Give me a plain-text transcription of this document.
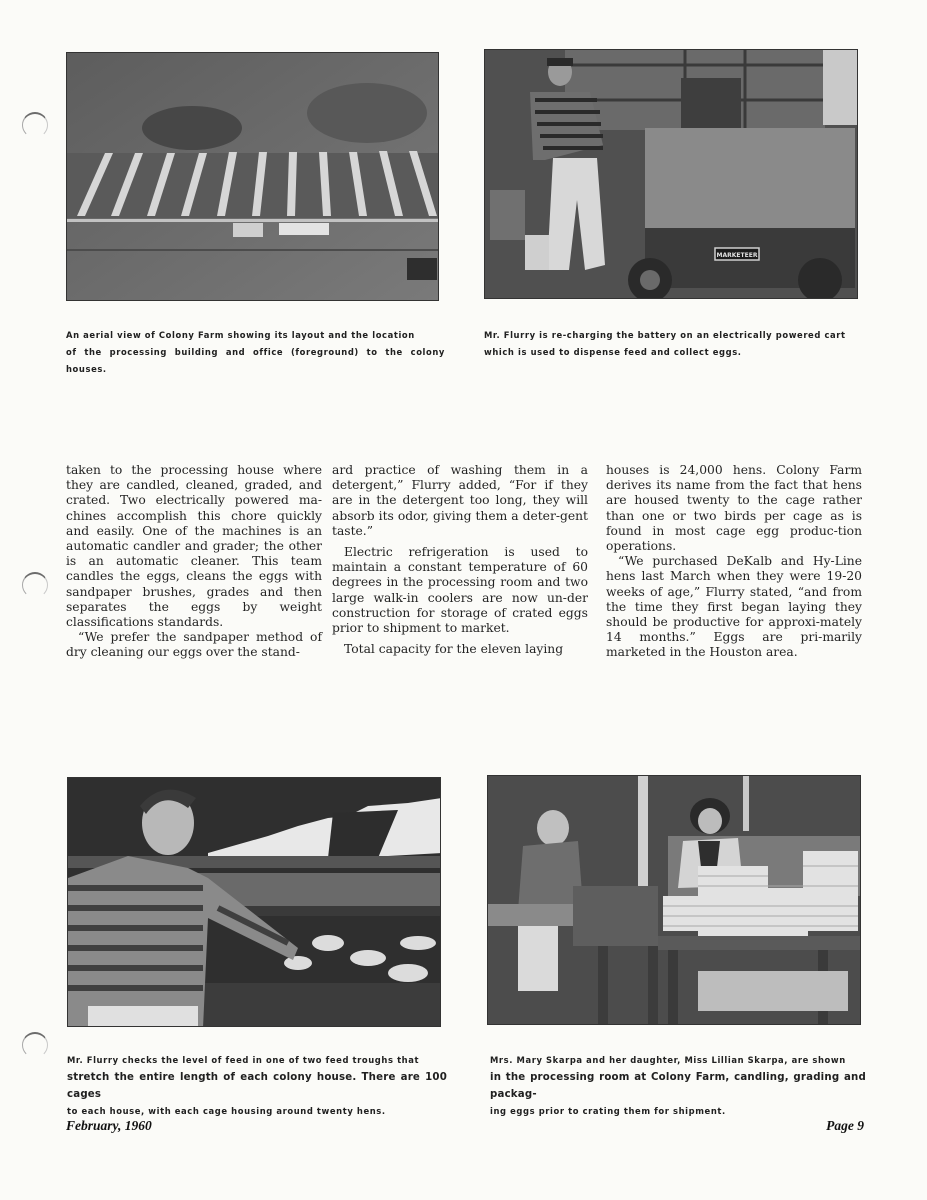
An aerial view of Colony Farm showing its layout and the location
of the processing building and office (foreground) to the colony houses.
MARKETEER
Mr. Flurry is re-charging the battery on an electrically powered cart
which is used to dispense feed and collect eggs.

taken to the processing house where they are candled, cleaned, graded, and crated. Two electrically powered ma-chines accomplish this chore quickly and easily. One of the machines is an automatic candler and grader; the other is an automatic cleaner. This team candles the eggs, cleans the eggs with sandpaper brushes, grades and then separates the eggs by weight classifications standards.

“We prefer the sandpaper method of dry cleaning our eggs over the stand-

ard practice of washing them in a detergent,” Flurry added, “For if they are in the detergent too long, they will absorb its odor, giving them a deter-gent taste.”

Electric refrigeration is used to maintain a constant temperature of 60 degrees in the processing room and two large walk-in coolers are now un-der construction for storage of crated eggs prior to shipment to market.

Total capacity for the eleven laying

houses is 24,000 hens. Colony Farm derives its name from the fact that hens are housed twenty to the cage rather than one or two birds per cage as is found in most cage egg produc-tion operations.

“We purchased DeKalb and Hy-Line hens last March when they were 19-20 weeks of age,” Flurry stated, “and from the time they first began laying they should be productive for approxi-mately 14 months.” Eggs are pri-marily marketed in the Houston area.

Mr. Flurry checks the level of feed in one of two feed troughs that
stretch the entire length of each colony house. There are 100 cages
to each house, with each cage housing around twenty hens.
Mrs. Mary Skarpa and her daughter, Miss Lillian Skarpa, are shown
in the processing room at Colony Farm, candling, grading and packag-
ing eggs prior to crating them for shipment.
February, 1960	Page 9
